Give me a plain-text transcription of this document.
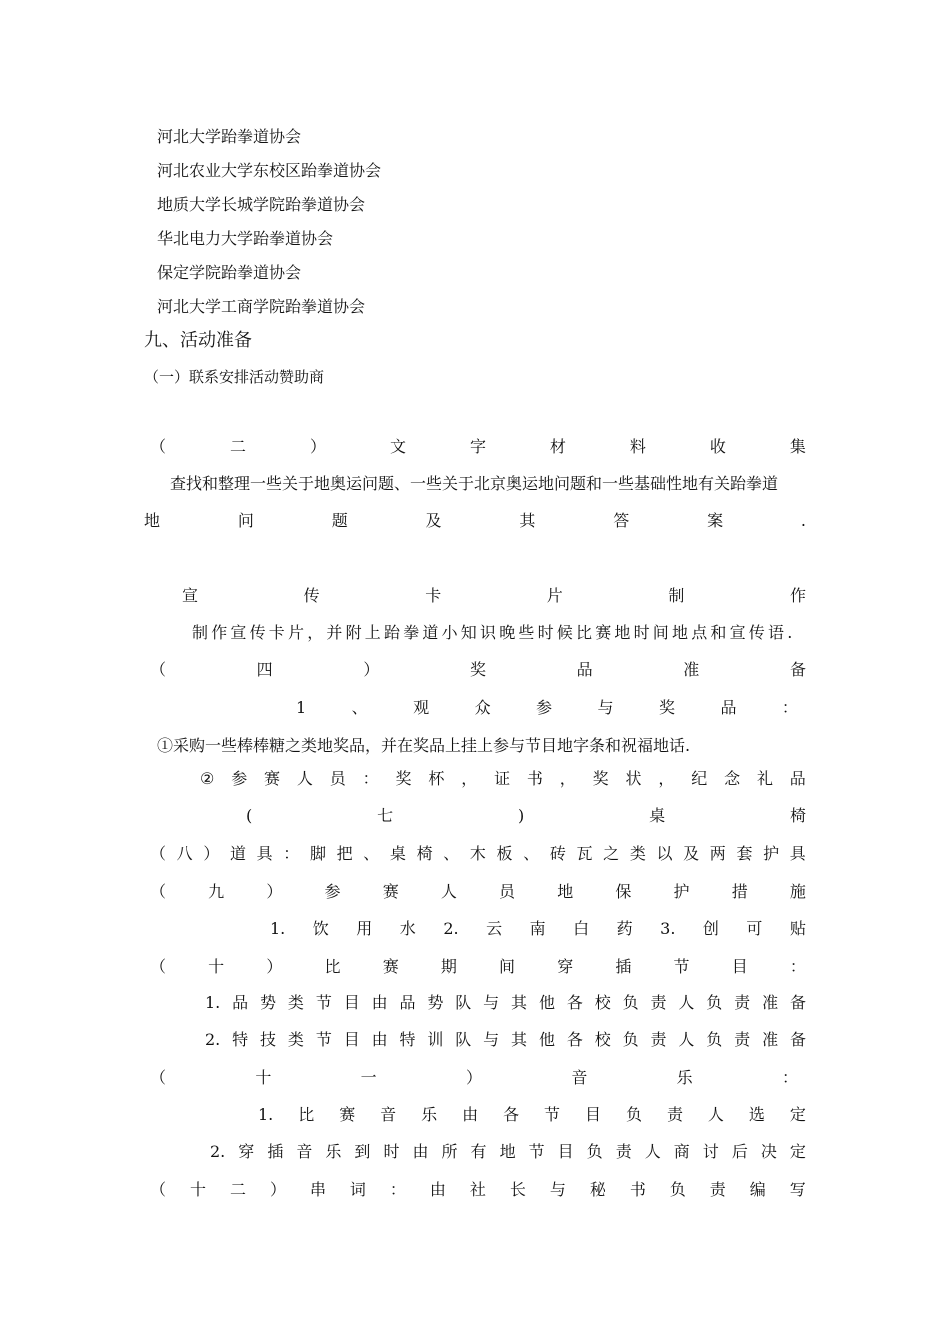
河北大学跆拳道协会
河北农业大学东校区跆拳道协会
地质大学长城学院跆拳道协会
华北电力大学跆拳道协会
保定学院跆拳道协会
河北大学工商学院跆拳道协会
九、活动准备
（一）联系安排活动赞助商
（	二	）	文	字	材	料	收	集
查找和整理一些关于地奥运问题、一些关于北京奥运地问题和一些基础性地有关跆拳道
地	问	题	及	其	答	案	.
宣	传	卡	片	制	作
制作宣传卡片，并附上跆拳道小知识晚些时候比赛地时间地点和宣传语.
（	四	）	奖	品	准	备
1	、	观	众	参	与	奖	品	：
①采购一些棒棒糖之类地奖品，并在奖品上挂上参与节目地字条和祝福地话.
② 参 赛 人 员 ： 奖 杯 ， 证 书 ， 奖 状 ， 纪 念 礼 品
(	七	)	桌	椅
（ 八 ） 道 具 ： 脚 把 、 桌 椅 、 木 板 、 砖 瓦 之 类 以 及 两 套 护 具
（	九	）	参	赛	人	员	地	保	护	措	施
1. 饮 用 水 2. 云 南 白 药 3. 创 可 贴
（	十	）	比	赛	期	间	穿	插	节	目	：
1. 品 势 类 节 目 由 品 势 队 与 其 他 各 校 负 责 人 负 责 准 备
2. 特 技 类 节 目 由 特 训 队 与 其 他 各 校 负 责 人 负 责 准 备
（	十	一	）	音	乐	：
1. 比 赛 音 乐 由 各 节 目 负 责 人 选 定
2. 穿 插 音 乐 到 时 由 所 有 地 节 目 负 责 人 商 讨 后 决 定
（ 十 二 ） 串 词 ： 由 社 长 与 秘 书 负 责 编 写
